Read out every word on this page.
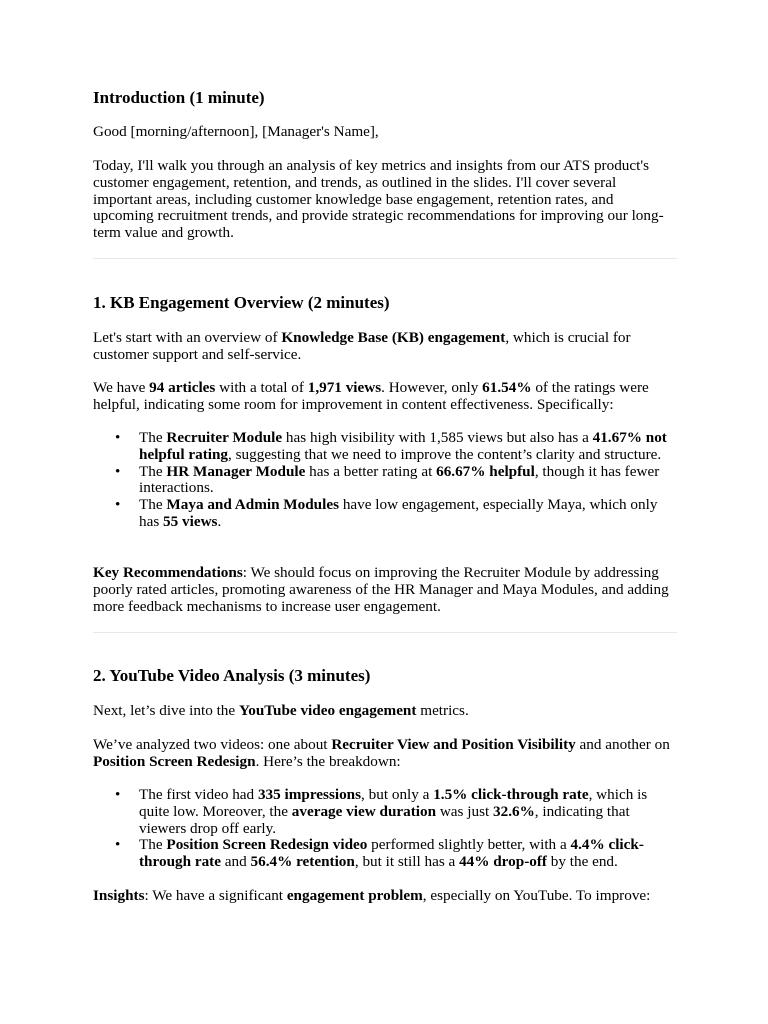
Introduction (1 minute)

Good [morning/afternoon], [Manager's Name],

Today, I'll walk you through an analysis of key metrics and insights from our ATS product's customer engagement, retention, and trends, as outlined in the slides. I'll cover several important areas, including customer knowledge base engagement, retention rates, and upcoming recruitment trends, and provide strategic recommendations for improving our long-term value and growth.

1. KB Engagement Overview (2 minutes)

Let's start with an overview of Knowledge Base (KB) engagement, which is crucial for customer support and self-service.

We have 94 articles with a total of 1,971 views. However, only 61.54% of the ratings were helpful, indicating some room for improvement in content effectiveness. Specifically:

• The Recruiter Module has high visibility with 1,585 views but also has a 41.67% not helpful rating, suggesting that we need to improve the content’s clarity and structure.
• The HR Manager Module has a better rating at 66.67% helpful, though it has fewer interactions.
• The Maya and Admin Modules have low engagement, especially Maya, which only has 55 views.

Key Recommendations: We should focus on improving the Recruiter Module by addressing poorly rated articles, promoting awareness of the HR Manager and Maya Modules, and adding more feedback mechanisms to increase user engagement.

2. YouTube Video Analysis (3 minutes)

Next, let’s dive into the YouTube video engagement metrics.

We’ve analyzed two videos: one about Recruiter View and Position Visibility and another on Position Screen Redesign. Here’s the breakdown:

• The first video had 335 impressions, but only a 1.5% click-through rate, which is quite low. Moreover, the average view duration was just 32.6%, indicating that viewers drop off early.
• The Position Screen Redesign video performed slightly better, with a 4.4% click-through rate and 56.4% retention, but it still has a 44% drop-off by the end.

Insights: We have a significant engagement problem, especially on YouTube. To improve:
